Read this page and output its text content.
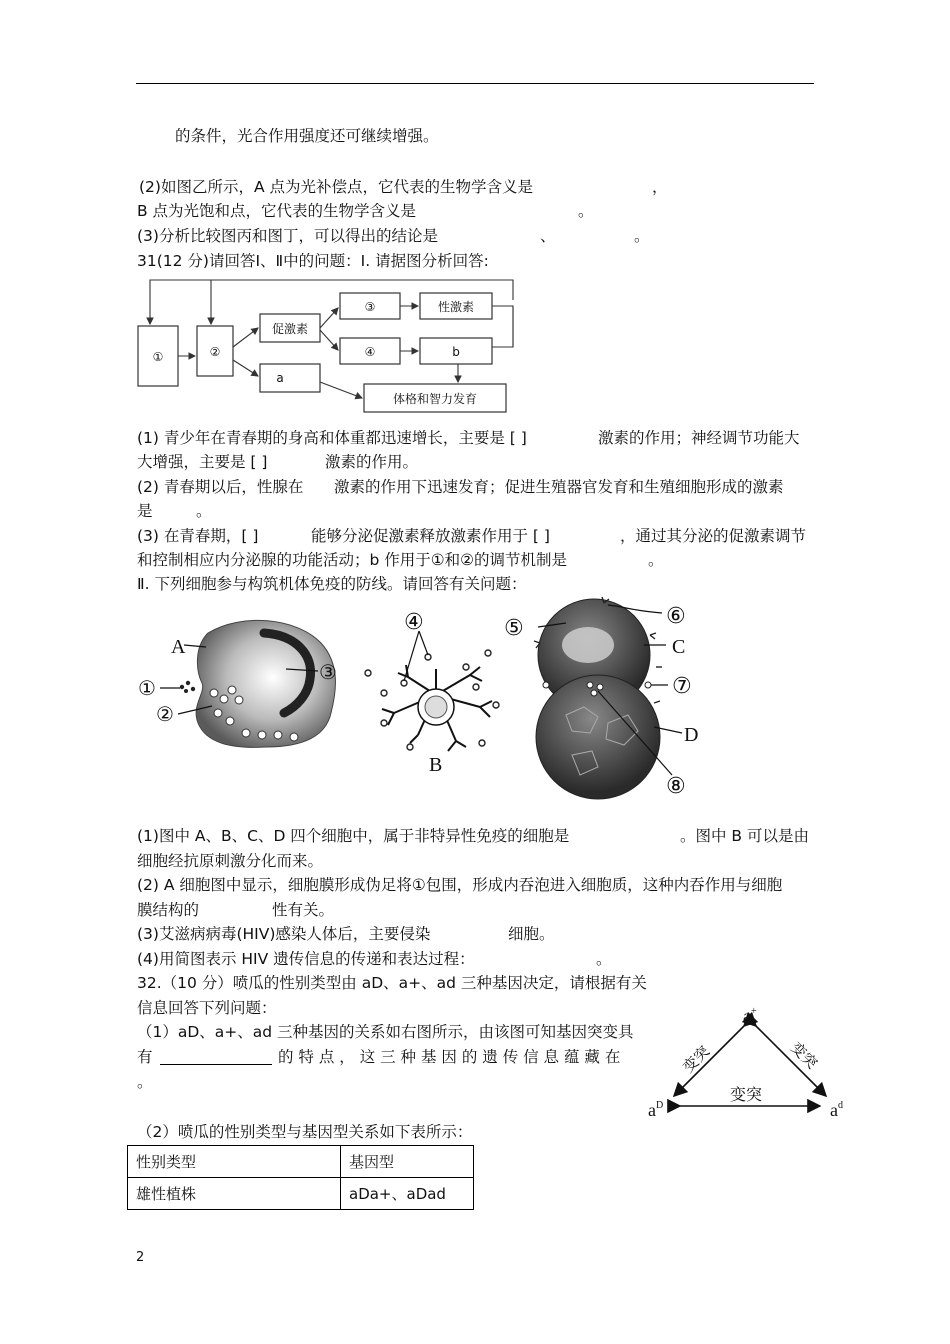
的条件，光合作用强度还可继续增强。
(2)如图乙所示，A 点为光补偿点，它代表的生物学含义是	，
B 点为光饱和点，它代表的生物学含义是	。
(3)分析比较图丙和图丁，可以得出的结论是	、	。
31(12 分)请回答Ⅰ、Ⅱ中的问题：Ⅰ. 请据图分析回答:
①	②
促激素
③	性激素
④	b
a
体格和智力发育
(1) 青少年在青春期的身高和体重都迅速增长，主要是 [ ]	激素的作用；神经调节功能大
大增强，主要是 [ ]	激素的作用。
(2) 青春期以后，性腺在 激素的作用下迅速发育；促进生殖器官发育和生殖细胞形成的激素
是	。
(3) 在青春期，[ ]	能够分泌促激素释放激素作用于 [ ]	，通过其分泌的促激素调节
和控制相应内分泌腺的功能活动；b 作用于①和②的调节机制是	。
Ⅱ. 下列细胞参与构筑机体免疫的防线。请回答有关问题：
A
①
②
③
④
B
⑤	⑥
C
⑦
D
⑧
(1)图中 A、B、C、D 四个细胞中，属于非特异性免疫的细胞是	。图中 B 可以是由
细胞经抗原刺激分化而来。
(2) A 细胞图中显示，细胞膜形成伪足将①包围，形成内吞泡进入细胞质，这种内吞作用与细胞
膜结构的	性有关。
(3)艾滋病病毒(HIV)感染人体后，主要侵染	细胞。
(4)用简图表示 HIV 遗传信息的传递和表达过程：	。
32.（10 分）喷瓜的性别类型由 aD、a+、ad 三种基因决定，请根据有关
信息回答下列问题：
（1）aD、a+、ad 三种基因的关系如右图所示，由该图可知基因突变具
有	的 特 点 ， 这 三 种 基 因 的 遗 传 信 息 蕴 藏 在
。
a+
$a^D$	$a^d$
变突	变突
变突
（2）喷瓜的性别类型与基因型关系如下表所示：
性别类型	基因型
雄性植株	aDa+、aDad
2
